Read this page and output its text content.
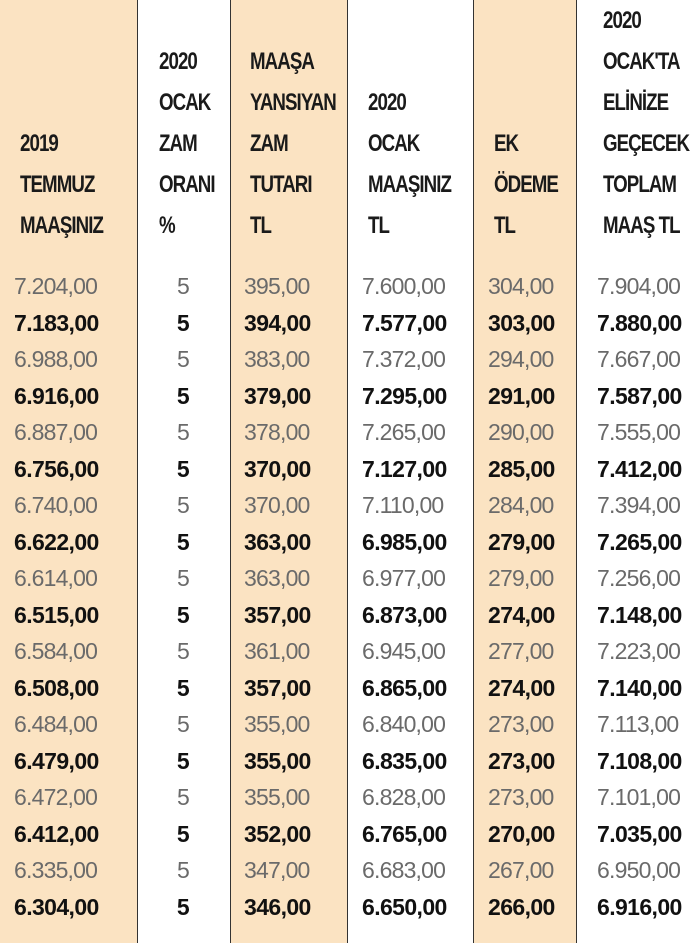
2019
TEMMUZ
MAAŞINIZ
7.204,00
7.183,00
6.988,00
6.916,00
6.887,00
6.756,00
6.740,00
6.622,00
6.614,00
6.515,00
6.584,00
6.508,00
6.484,00
6.479,00
6.472,00
6.412,00
6.335,00
6.304,00
2020
OCAK
ZAM
ORANI
%
5
5
5
5
5
5
5
5
5
5
5
5
5
5
5
5
5
5
MAAŞA
YANSIYAN
ZAM
TUTARI
TL
395,00
394,00
383,00
379,00
378,00
370,00
370,00
363,00
363,00
357,00
361,00
357,00
355,00
355,00
355,00
352,00
347,00
346,00
2020
OCAK
MAAŞINIZ
TL
7.600,00
7.577,00
7.372,00
7.295,00
7.265,00
7.127,00
7.110,00
6.985,00
6.977,00
6.873,00
6.945,00
6.865,00
6.840,00
6.835,00
6.828,00
6.765,00
6.683,00
6.650,00
EK
ÖDEME
TL
304,00
303,00
294,00
291,00
290,00
285,00
284,00
279,00
279,00
274,00
277,00
274,00
273,00
273,00
273,00
270,00
267,00
266,00
2020
OCAK'TA
ELİNİZE
GEÇECEK
TOPLAM
MAAŞ TL
7.904,00
7.880,00
7.667,00
7.587,00
7.555,00
7.412,00
7.394,00
7.265,00
7.256,00
7.148,00
7.223,00
7.140,00
7.113,00
7.108,00
7.101,00
7.035,00
6.950,00
6.916,00
